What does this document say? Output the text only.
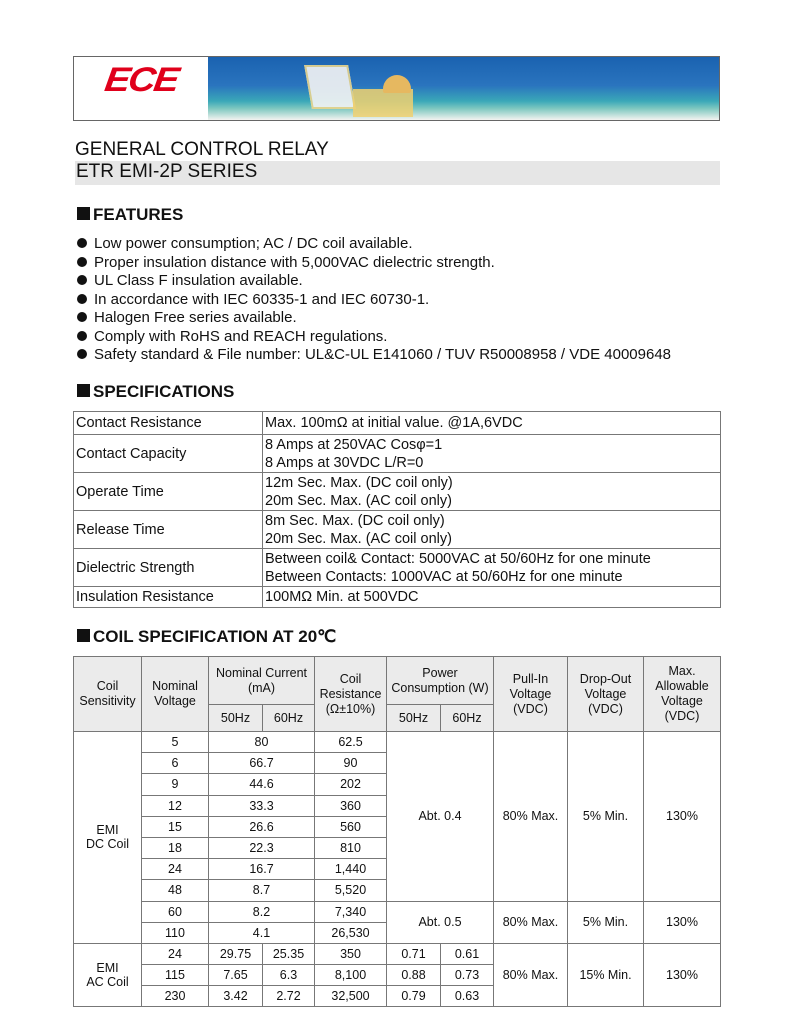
ECE
GENERAL CONTROL RELAY
ETR EMI-2P SERIES
FEATURES
Low power consumption; AC / DC coil available.
Proper insulation distance with 5,000VAC dielectric strength.
UL Class F insulation available.
In accordance with IEC 60335-1 and IEC 60730-1.
Halogen Free series available.
Comply with RoHS and REACH regulations.
Safety standard & File number: UL&C-UL E141060 / TUV R50008958 / VDE 40009648
SPECIFICATIONS
Contact Resistance	Max. 100mΩ at initial value. @1A,6VDC

Contact Capacity	8 Amps at 250VAC Cosφ=1
8 Amps at 30VDC L/R=0

Operate Time	12m Sec. Max. (DC coil only)
20m Sec. Max. (AC coil only)

Release Time	8m Sec. Max. (DC coil only)
20m Sec. Max. (AC coil only)

Dielectric Strength	Between coil& Contact: 5000VAC at 50/60Hz for one minute
Between Contacts: 1000VAC at 50/60Hz for one minute

Insulation Resistance	100MΩ Min. at 500VDC
COIL SPECIFICATION AT 20℃
Coil Sensitivity	Nominal Voltage	Nominal Current (mA)		Coil Resistance (Ω±10%)	Power Consumption (W)		Pull-In Voltage (VDC)	Drop-Out Voltage (VDC)	Max. Allowable Voltage (VDC)
		50Hz	60Hz		50Hz	60Hz			
EMI
DC Coil	5	80		62.5	Abt. 0.4		80% Max.	5% Min.	130%
	6	66.7		90					
	9	44.6		202					
	12	33.3		360					
	15	26.6		560					
	18	22.3		810					
	24	16.7		1,440					
	48	8.7		5,520					
	60	8.2		7,340	Abt. 0.5		80% Max.	5% Min.	130%
	110	4.1		26,530					
EMI
AC Coil	24	29.75	25.35	350	0.71	0.61	80% Max.	15% Min.	130%
	115	7.65	6.3	8,100	0.88	0.73			
	230	3.42	2.72	32,500	0.79	0.63			
